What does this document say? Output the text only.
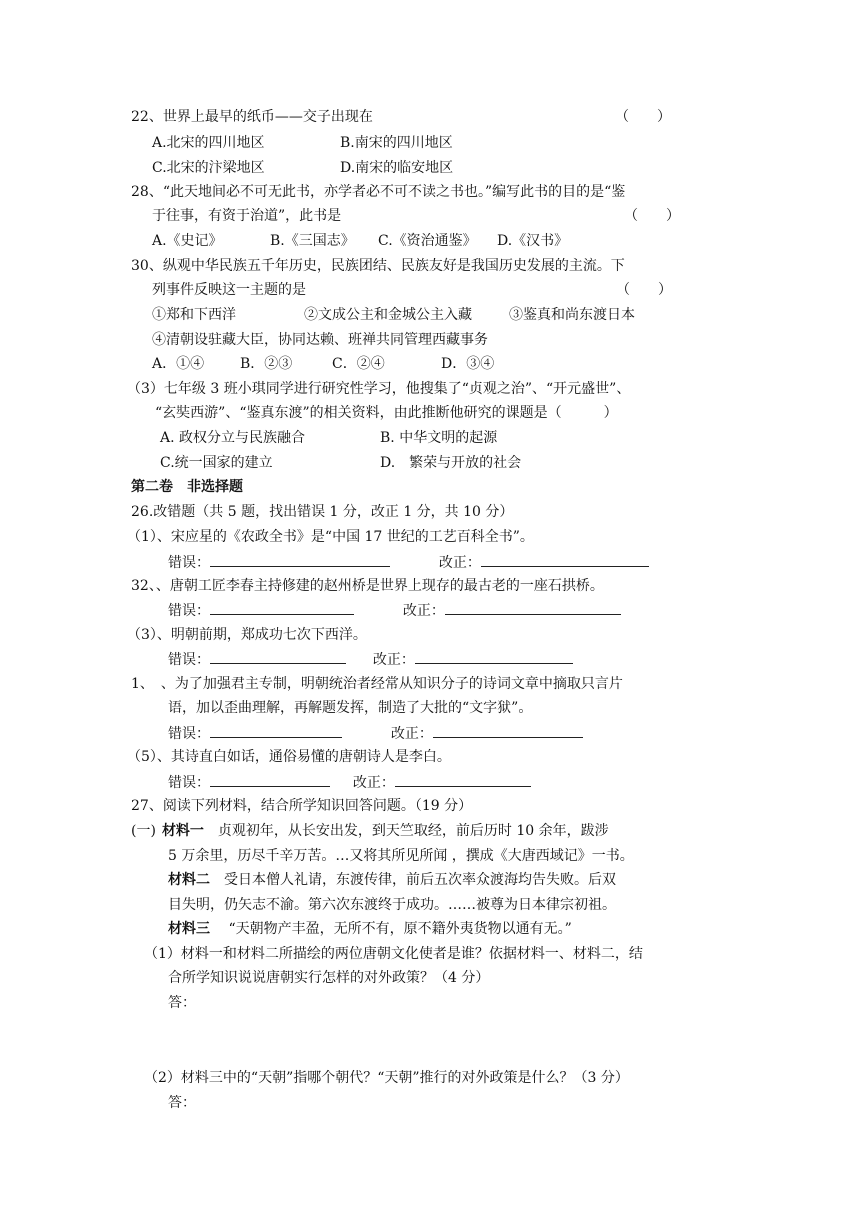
22、世界上最早的纸币——交子出现在	（　　）
A.北宋的四川地区	B.南宋的四川地区
C.北宋的汴梁地区	D.南宋的临安地区
28、“此天地间必不可无此书，亦学者必不可不读之书也。”编写此书的目的是“鉴
于往事，有资于治道”，此书是	（　　）
A.《史记》	B.《三国志》 C.《资治通鉴》 D.《汉书》
30、纵观中华民族五千年历史，民族团结、民族友好是我国历史发展的主流。下
列事件反映这一主题的是	（　　）
①郑和下西洋	②文成公主和金城公主入藏	③鉴真和尚东渡日本
④清朝设驻藏大臣，协同达赖、班禅共同管理西藏事务
A．①④	B．②③	C．②④	D．③④
（3）七年级 3 班小琪同学进行研究性学习，他搜集了“贞观之治”、“开元盛世”、
“玄奘西游”、“鉴真东渡”的相关资料，由此推断他研究的课题是（　　　）
A. 政权分立与民族融合	B. 中华文明的起源
C.统一国家的建立	D.　繁荣与开放的社会
第二卷　非选择题
26.改错题（共 5 题，找出错误 1 分，改正 1 分，共 10 分）
（1）、宋应星的《农政全书》是“中国 17 世纪的工艺百科全书”。
错误：	改正：
32、、唐朝工匠李春主持修建的赵州桥是世界上现存的最古老的一座石拱桥。
错误：	改正：
（3）、明朝前期，郑成功七次下西洋。
错误：	改正：
1、　、为了加强君主专制，明朝统治者经常从知识分子的诗词文章中摘取只言片
语，加以歪曲理解，再解题发挥，制造了大批的“文字狱”。
错误：	改正：
（5）、其诗直白如话，通俗易懂的唐朝诗人是李白。
错误：	改正：
27、阅读下列材料，结合所学知识回答问题。（19 分）
(一) 材料一　贞观初年，从长安出发，到天竺取经，前后历时 10 余年，跋涉
5 万余里，历尽千辛万苦。…又将其所见所闻 ，撰成《大唐西域记》一书。
材料二　受日本僧人礼请，东渡传律，前后五次率众渡海均告失败。后双
目失明，仍矢志不渝。第六次东渡终于成功。……被尊为日本律宗初祖。
材料三　 “天朝物产丰盈，无所不有，原不籍外夷货物以通有无。”
（1）材料一和材料二所描绘的两位唐朝文化使者是谁？依据材料一、材料二，结
合所学知识说说唐朝实行怎样的对外政策？（4 分）
答：
（2）材料三中的“天朝”指哪个朝代？“天朝”推行的对外政策是什么？（3 分）
答：
